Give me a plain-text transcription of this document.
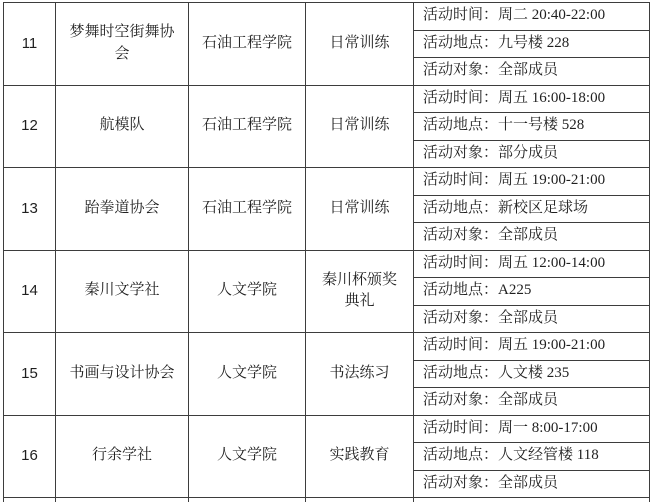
11	梦舞时空街舞协会	石油工程学院	日常训练	活动时间：周二 20:40-22:00
				活动地点：九号楼 228
				活动对象：全部成员
12	航模队	石油工程学院	日常训练	活动时间：周五 16:00-18:00
				活动地点：十一号楼 528
				活动对象：部分成员
13	跆拳道协会	石油工程学院	日常训练	活动时间：周五 19:00-21:00
				活动地点：新校区足球场
				活动对象：全部成员
14	秦川文学社	人文学院	秦川杯颁奖典礼	活动时间：周五 12:00-14:00
				活动地点：A225
				活动对象：全部成员
15	书画与设计协会	人文学院	书法练习	活动时间：周五 19:00-21:00
				活动地点：人文楼 235
				活动对象：全部成员
16	行余学社	人文学院	实践教育	活动时间：周一 8:00-17:00
				活动地点：人文经管楼 118
				活动对象：全部成员
